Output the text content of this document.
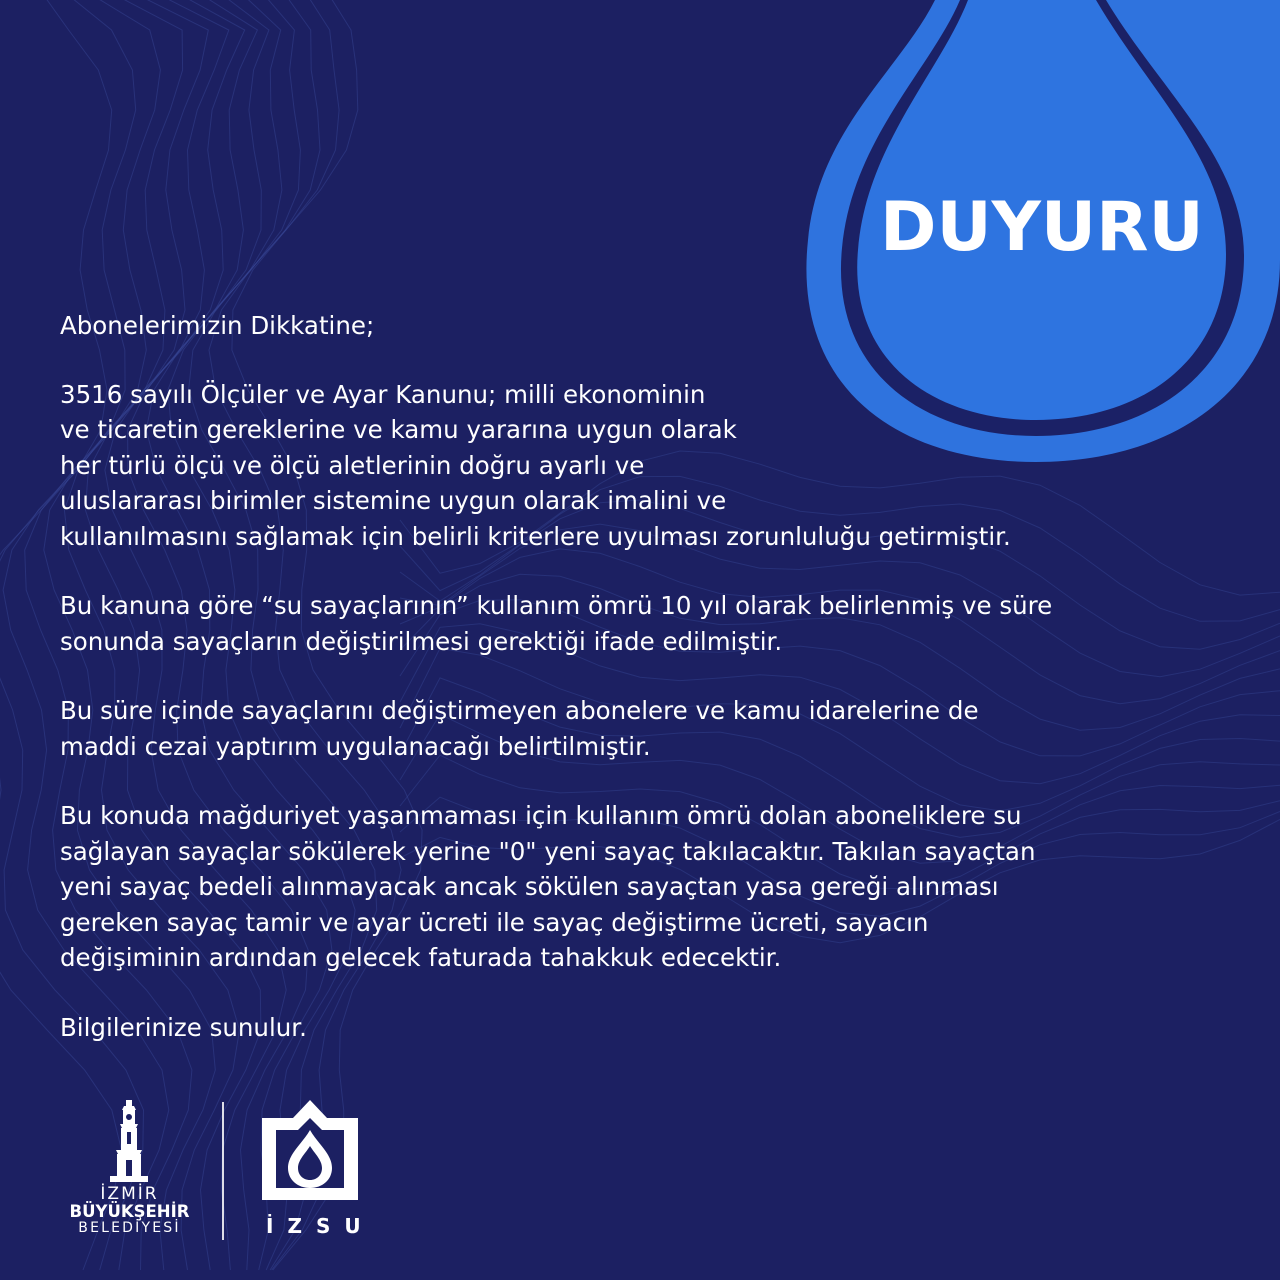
DUYURU

Abonelerimizin Dikkatine;

3516 sayılı Ölçüler ve Ayar Kanunu; milli ekonominin
ve ticaretin gereklerine ve kamu yararına uygun olarak
her türlü ölçü ve ölçü aletlerinin doğru ayarlı ve
uluslararası birimler sistemine uygun olarak imalini ve
kullanılmasını sağlamak için belirli kriterlere uyulması zorunluluğu getirmiştir.

Bu kanuna göre “su sayaçlarının” kullanım ömrü 10 yıl olarak belirlenmiş ve süre
sonunda sayaçların değiştirilmesi gerektiği ifade edilmiştir.

Bu süre içinde sayaçlarını değiştirmeyen abonelere ve kamu idarelerine de
maddi cezai yaptırım uygulanacağı belirtilmiştir.

Bu konuda mağduriyet yaşanmaması için kullanım ömrü dolan aboneliklere su
sağlayan sayaçlar sökülerek yerine "0" yeni sayaç takılacaktır. Takılan sayaçtan
yeni sayaç bedeli alınmayacak ancak sökülen sayaçtan yasa gereği alınması
gereken sayaç tamir ve ayar ücreti ile sayaç değiştirme ücreti, sayacın
değişiminin ardından gelecek faturada tahakkuk edecektir.

Bilgilerinize sunulur.

İZMİR
BÜYÜKŞEHİR
BELEDİYESİ	İZSU
